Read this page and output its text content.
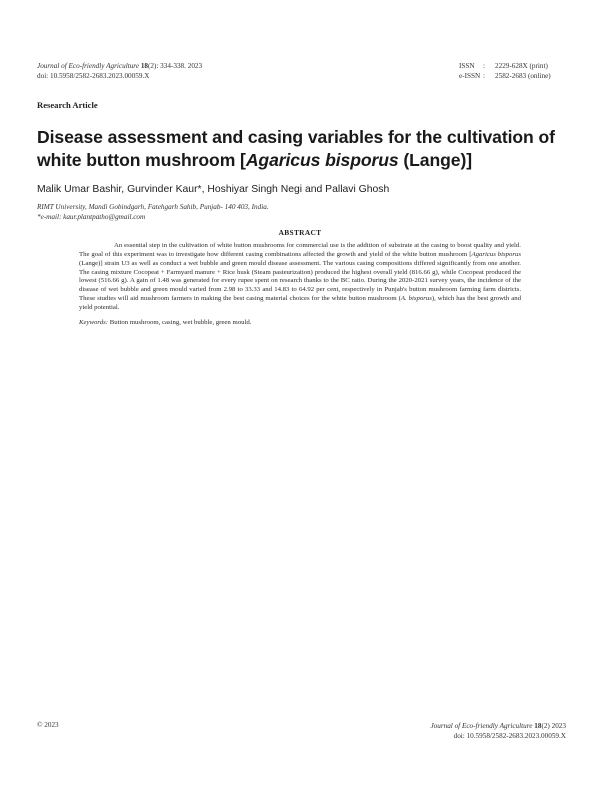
Journal of Eco-friendly Agriculture 18(2): 334-338. 2023
doi: 10.5958/2582-2683.2023.00059.X
ISSN	:	2229-628X (print)
e-ISSN :	2582-2683 (online)
Research Article
Disease assessment and casing variables for the cultivation of white button mushroom [Agaricus bisporus (Lange)]
Malik Umar Bashir, Gurvinder Kaur*, Hoshiyar Singh Negi and Pallavi Ghosh
RIMT University, Mandi Gobindgarh, Fatehgarh Sahib, Punjab- 140 403, India.
*e-mail: kaur.plantpatho@gmail.com
ABSTRACT
An essential step in the cultivation of white button mushrooms for commercial use is the addition of substrate at the casing to boost quality and yield. The goal of this experiment was to investigate how different casing combinations affected the growth and yield of the white button mushroom [Agaricus bisporus (Lange)] strain U3 as well as conduct a wet bubble and green mould disease assessment. The various casing compositions differed significantly from one another. The casing mixture Cocopeat + Farmyard manure + Rice husk (Steam pasteurization) produced the highest overall yield (816.66 g), while Cocopeat produced the lowest (516.66 g). A gain of 1.48 was generated for every rupee spent on research thanks to the BC ratio. During the 2020-2021 survey years, the incidence of the disease of wet bubble and green mould varied from 2.98 to 33.33 and 14.83 to 64.92 per cent, respectively in Punjab's button mushroom farming farm districts. These studies will aid mushroom farmers in making the best casing material choices for the white button mushroom (A. bisporus), which has the best growth and yield potential.
Keywords: Button mushroom, casing, wet bubble, green mould.
© 2023	Journal of Eco-friendly Agriculture 18(2) 2023
doi: 10.5958/2582-2683.2023.00059.X
